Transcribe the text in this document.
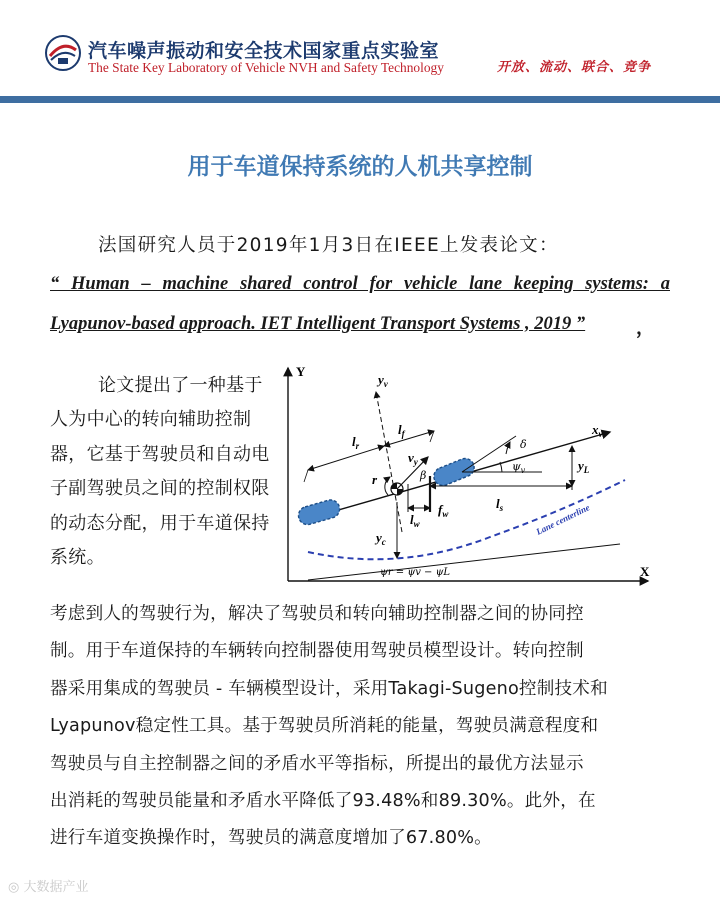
汽车噪声振动和安全技术国家重点实验室
The State Key Laboratory of Vehicle NVH and Safety Technology	开放、流动、联合、竞争
用于车道保持系统的人机共享控制
法国研究人员于2019年1月3日在IEEE上发表论文：
“ Human – machine shared control for vehicle lane keeping systems: a
Lyapunov-based approach. IET Intelligent Transport Systems , 2019 ”	，
论文提出了一种基于人为中心的转向辅助控制器，它基于驾驶员和自动电子副驾驶员之间的控制权限的动态分配，用于车道保持系统。
Y
X
Lane centerline
$y_v$
$x_v$
$l_r$
$l_f$
$v_y$
β
δ
$\psi_v$
r
$y_L$
$l_w$
$f_w$
$l_s$
$y_c$
ψr = ψv − ψL
考虑到人的驾驶行为，解决了驾驶员和转向辅助控制器之间的协同控
制。用于车道保持的车辆转向控制器使用驾驶员模型设计。转向控制
器采用集成的驾驶员 - 车辆模型设计，采用Takagi-Sugeno控制技术和
Lyapunov稳定性工具。基于驾驶员所消耗的能量，驾驶员满意程度和
驾驶员与自主控制器之间的矛盾水平等指标，所提出的最优方法显示
出消耗的驾驶员能量和矛盾水平降低了93.48%和89.30%。此外，在
进行车道变换操作时，驾驶员的满意度增加了67.80%。
◎ 大数据产业
